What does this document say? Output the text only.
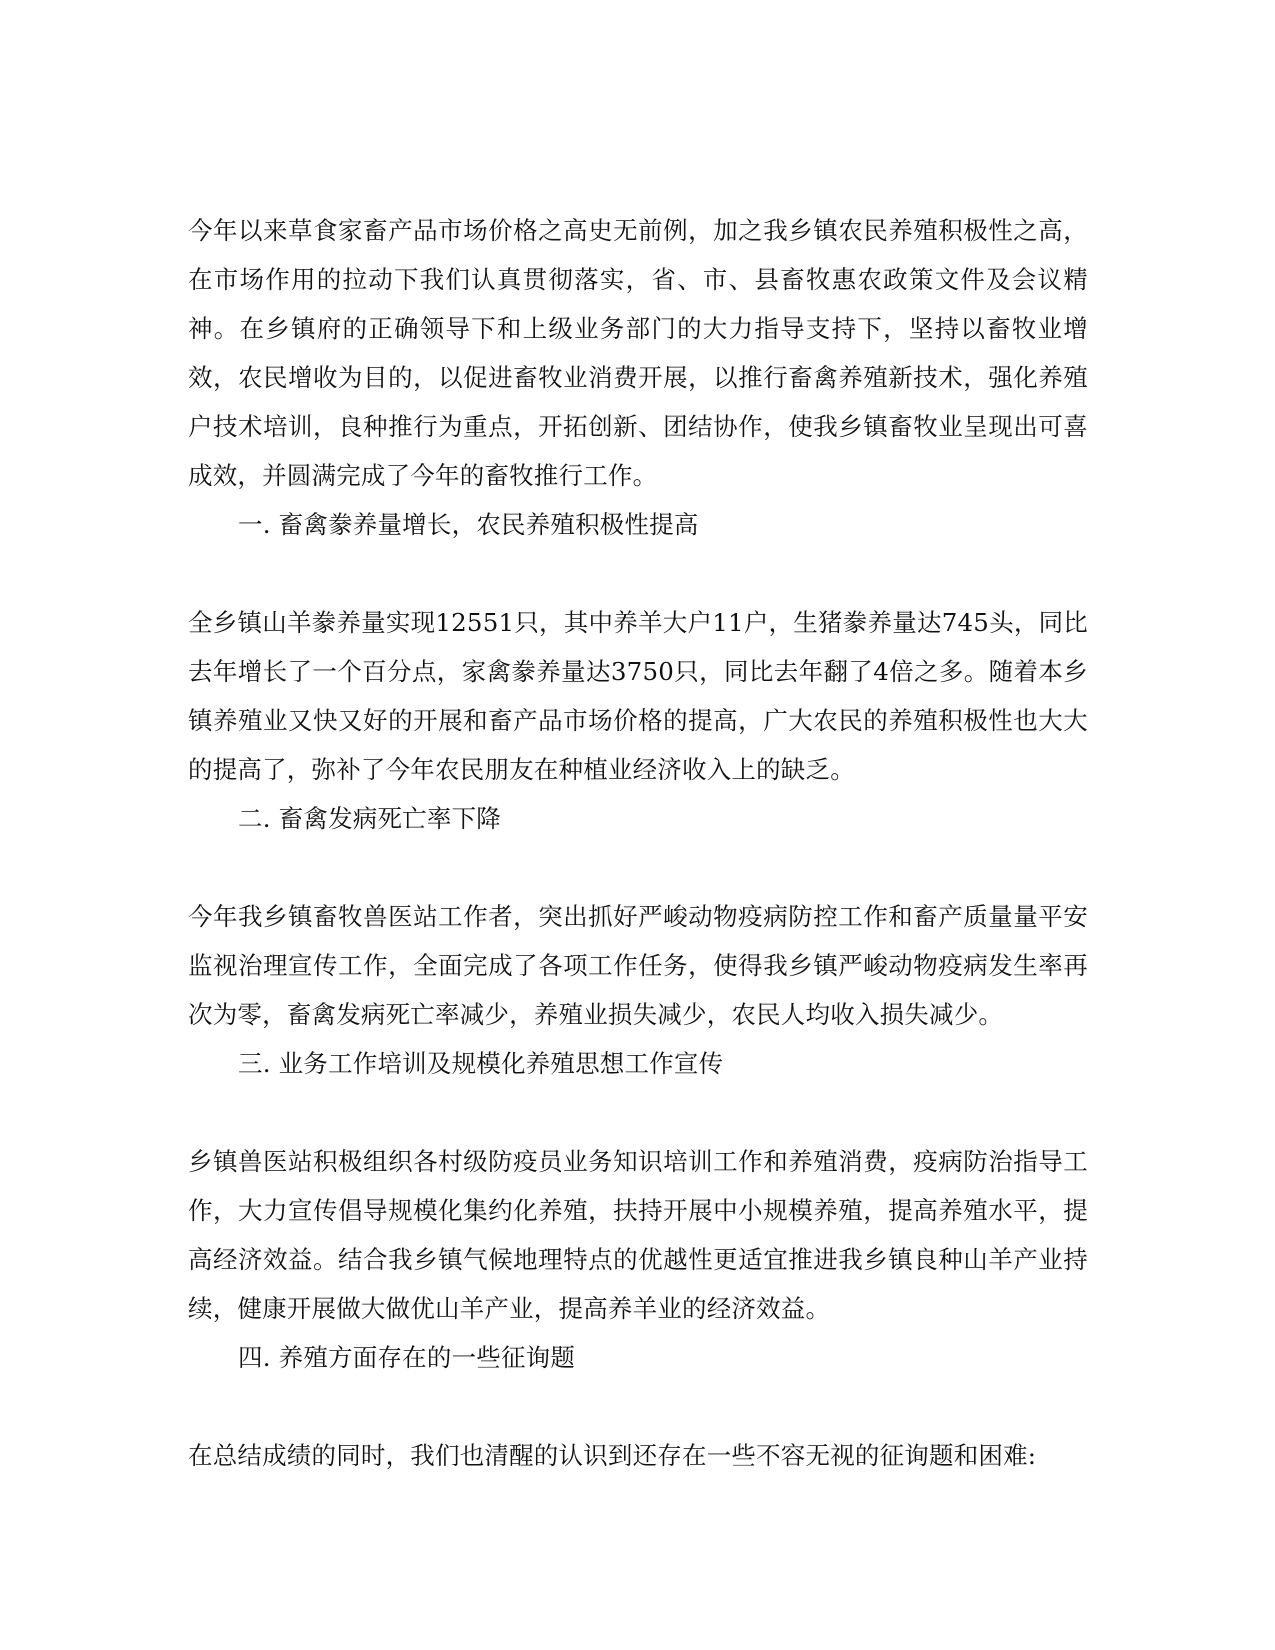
今年以来草食家畜产品市场价格之高史无前例，加之我乡镇农民养殖积极性之高，在市场作用的拉动下我们认真贯彻落实，省、市、县畜牧惠农政策文件及会议精神。在乡镇府的正确领导下和上级业务部门的大力指导支持下，坚持以畜牧业增效，农民增收为目的，以促进畜牧业消费开展，以推行畜禽养殖新技术，强化养殖户技术培训，良种推行为重点，开拓创新、团结协作，使我乡镇畜牧业呈现出可喜成效，并圆满完成了今年的畜牧推行工作。

一. 畜禽豢养量增长，农民养殖积极性提高

全乡镇山羊豢养量实现12551只，其中养羊大户11户，生猪豢养量达745头，同比去年增长了一个百分点，家禽豢养量达3750只，同比去年翻了4倍之多。随着本乡镇养殖业又快又好的开展和畜产品市场价格的提高，广大农民的养殖积极性也大大的提高了，弥补了今年农民朋友在种植业经济收入上的缺乏。

二. 畜禽发病死亡率下降

今年我乡镇畜牧兽医站工作者，突出抓好严峻动物疫病防控工作和畜产质量量平安监视治理宣传工作，全面完成了各项工作任务，使得我乡镇严峻动物疫病发生率再次为零，畜禽发病死亡率减少，养殖业损失减少，农民人均收入损失减少。

三. 业务工作培训及规模化养殖思想工作宣传

乡镇兽医站积极组织各村级防疫员业务知识培训工作和养殖消费，疫病防治指导工作，大力宣传倡导规模化集约化养殖，扶持开展中小规模养殖，提高养殖水平，提高经济效益。结合我乡镇气候地理特点的优越性更适宜推进我乡镇良种山羊产业持续，健康开展做大做优山羊产业，提高养羊业的经济效益。

四. 养殖方面存在的一些征询题

在总结成绩的同时，我们也清醒的认识到还存在一些不容无视的征询题和困难:
